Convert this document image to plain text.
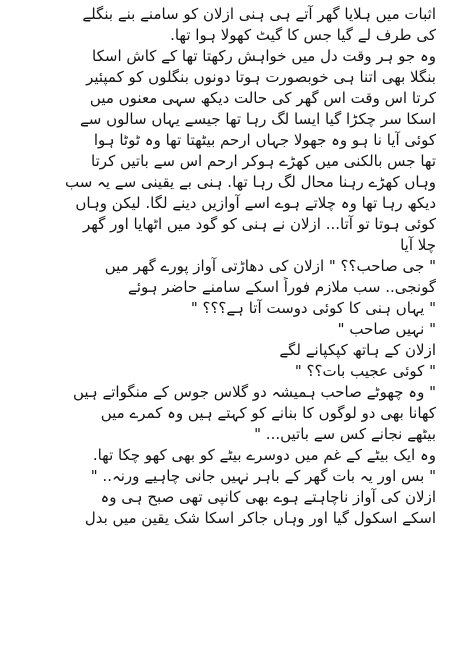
اثبات میں ہلایا گھر آتے ہی ہنی ازلان کو سامنے بنے بنگلے
کی طرف لے گیا جس کا گیٹ کھولا ہوا تھا.
وہ جو ہر وقت دل میں خواہش رکھتا تھا کے کاش اسکا
بنگلا بھی اتنا ہی خوبصورت ہوتا دونوں بنگلوں کو کمپئیر
کرتا اس وقت اس گھر کی حالت دیکھ سہی معنوں میں
اسکا سر چکڑا گیا ایسا لگ رہا تھا جیسے یہاں سالوں سے
کوئی آیا نا ہو وہ جھولا جہاں ارحم بیٹھتا تھا وہ ٹوٹا ہوا
تھا جس بالکنی میں کھڑے ہوکر ارحم اس سے باتیں کرتا
وہاں کھڑے رہنا محال لگ رہا تھا. ہنی بے یقینی سے یہ سب
دیکھ رہا تھا وہ چلاتے ہوے اسے آوازیں دینے لگا. لیکن وہاں
کوئی ہوتا تو آتا... ازلان نے ہنی کو گود میں اٹھایا اور گھر
چلا آیا
" جی صاحب؟؟ " ازلان کی دھاڑتی آواز پورے گھر میں
گونجی.. سب ملازم فوراً اسکے سامنے حاضر ہوئے
" یہاں ہنی کا کوئی دوست آتا ہے؟؟؟ "
" نہیں صاحب "
ازلان کے ہاتھ کپکپانے لگے
" کوئی عجیب بات؟؟ "
" وہ چھوٹے صاحب ہمیشہ دو گلاس جوس کے منگواتے ہیں
کھانا بھی دو لوگوں کا بنانے کو کہتے ہیں وہ کمرے میں
بیٹھے نجانے کس سے باتیں... "
وہ ایک بیٹے کے غم میں دوسرے بیٹے کو بھی کھو چکا تھا.
" بس اور یہ بات گھر کے باہر نہیں جانی چاہیے ورنہ.. "
ازلان کی آواز ناچاہتے ہوے بھی کانپی تھی صبح ہی وہ
اسکے اسکول گیا اور وہاں جاکر اسکا شک یقین میں بدل
